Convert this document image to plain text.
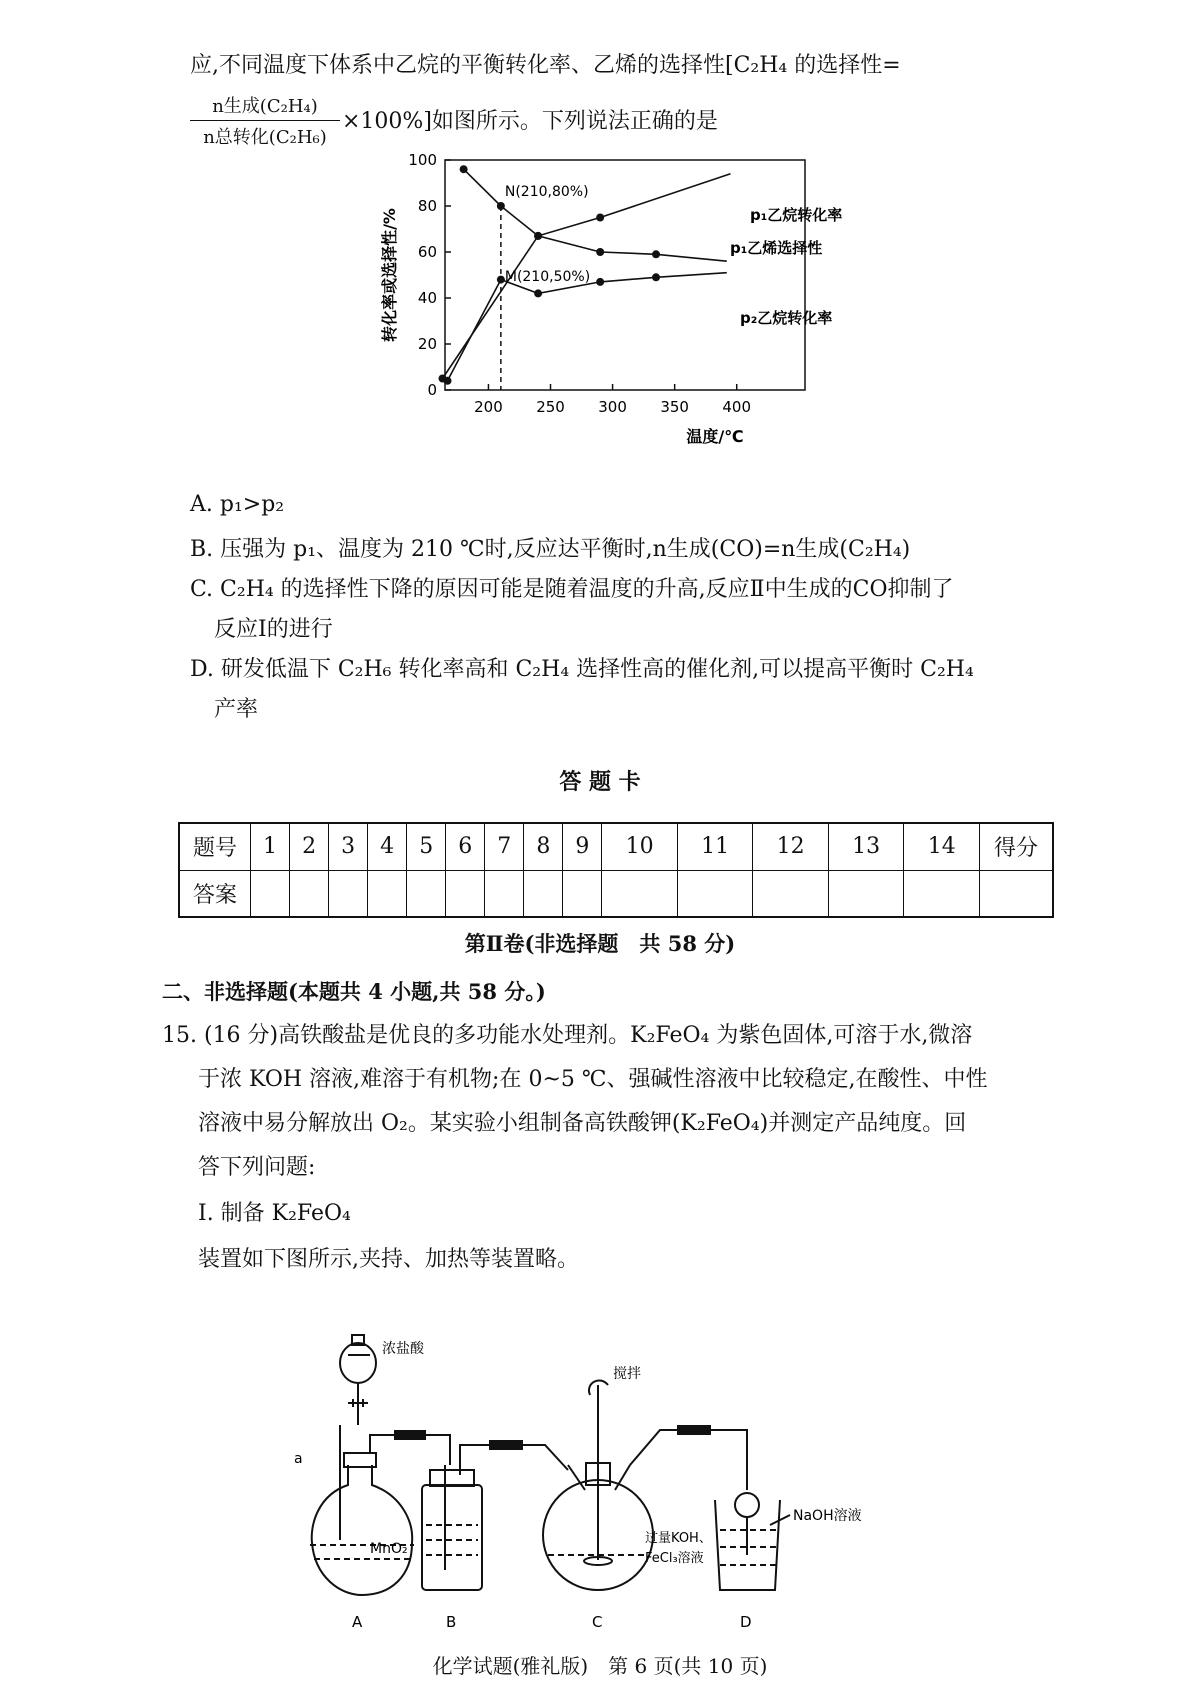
应,不同温度下体系中乙烷的平衡转化率、乙烯的选择性[C₂H₄ 的选择性=
n生成(C₂H₄)
n总转化(C₂H₆)
×100%]如图所示。下列说法正确的是
0
20
40
60
80
100
200 250 300 350 400
温度/℃
转化率或选择性/%	p₁乙烷转化率
p₁乙烯选择性
p₂乙烷转化率
N(210,80%)
M(210,50%)
A. p₁>p₂
B. 压强为 p₁、温度为 210 ℃时,反应达平衡时,n生成(CO)=n生成(C₂H₄)
C. C₂H₄ 的选择性下降的原因可能是随着温度的升高,反应Ⅱ中生成的CO抑制了
反应Ⅰ的进行
D. 研发低温下 C₂H₆ 转化率高和 C₂H₄ 选择性高的催化剂,可以提高平衡时 C₂H₄
产率
答 题 卡
题号	1	2	3	4	5	6	7	8	9	10	11	12	13	14	得分
答案															
第Ⅱ卷(非选择题　共 58 分)
二、非选择题(本题共 4 小题,共 58 分。)
15. (16 分)高铁酸盐是优良的多功能水处理剂。K₂FeO₄ 为紫色固体,可溶于水,微溶
于浓 KOH 溶液,难溶于有机物;在 0~5 ℃、强碱性溶液中比较稳定,在酸性、中性
溶液中易分解放出 O₂。某实验小组制备高铁酸钾(K₂FeO₄)并测定产品纯度。回
答下列问题:
Ⅰ. 制备 K₂FeO₄
装置如下图所示,夹持、加热等装置略。
浓盐酸
a
MnO₂
搅拌
过量KOH、
FeCl₃溶液
NaOH溶液
A	B	C	D
化学试题(雅礼版)　第 6 页(共 10 页)
